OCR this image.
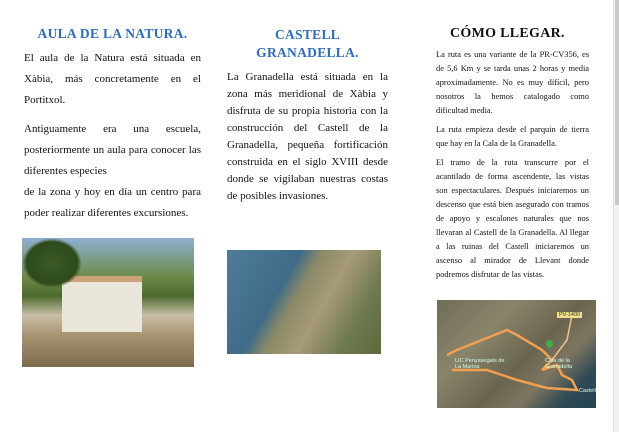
AULA DE LA NATURA.

El aula de la Natura está situada en Xàbia, más concretamente en el Portitxol.

Antiguamente era una escuela, posteriormente un aula para conocer las diferentes especies

de la zona y hoy en día un centro para poder realizar diferentes excursiones.

CASTELL
GRANADELLA.

La Granadella está situada en la zona más meridional de Xàbia y disfruta de su propia historia con la construcción del Castell de la Granadella, pequeña fortificación construida en el siglo XVIII desde donde se vigilaban nuestras costas de posibles invasiones.

CÓMO LLEGAR.

La ruta es una variante de la PR-CV356, es de 5,6 Km y se tarda unas 2 horas y media aproximadamente. No es muy difícil, pero nosotros la hemos catalogado como dificultad media.

La ruta empieza desde el parquin de tierra que hay en la Cala de la Granadella.

El tramo de la ruta transcurre por el acantilado de forma ascendente, las vistas son espectaculares. Después iniciaremos un descenso que está bien asegurado con tramos de apoyo y escalones naturales que nos llevaran al Castell de la Granadella. Al llegar a las ruinas del Castell iniciaremos un ascenso al mirador de Llevant donde podremos disfrutar de las vistas.

PV-1400
LIC Penyasegats de La Marina
Cala de la Granadella
Castell
